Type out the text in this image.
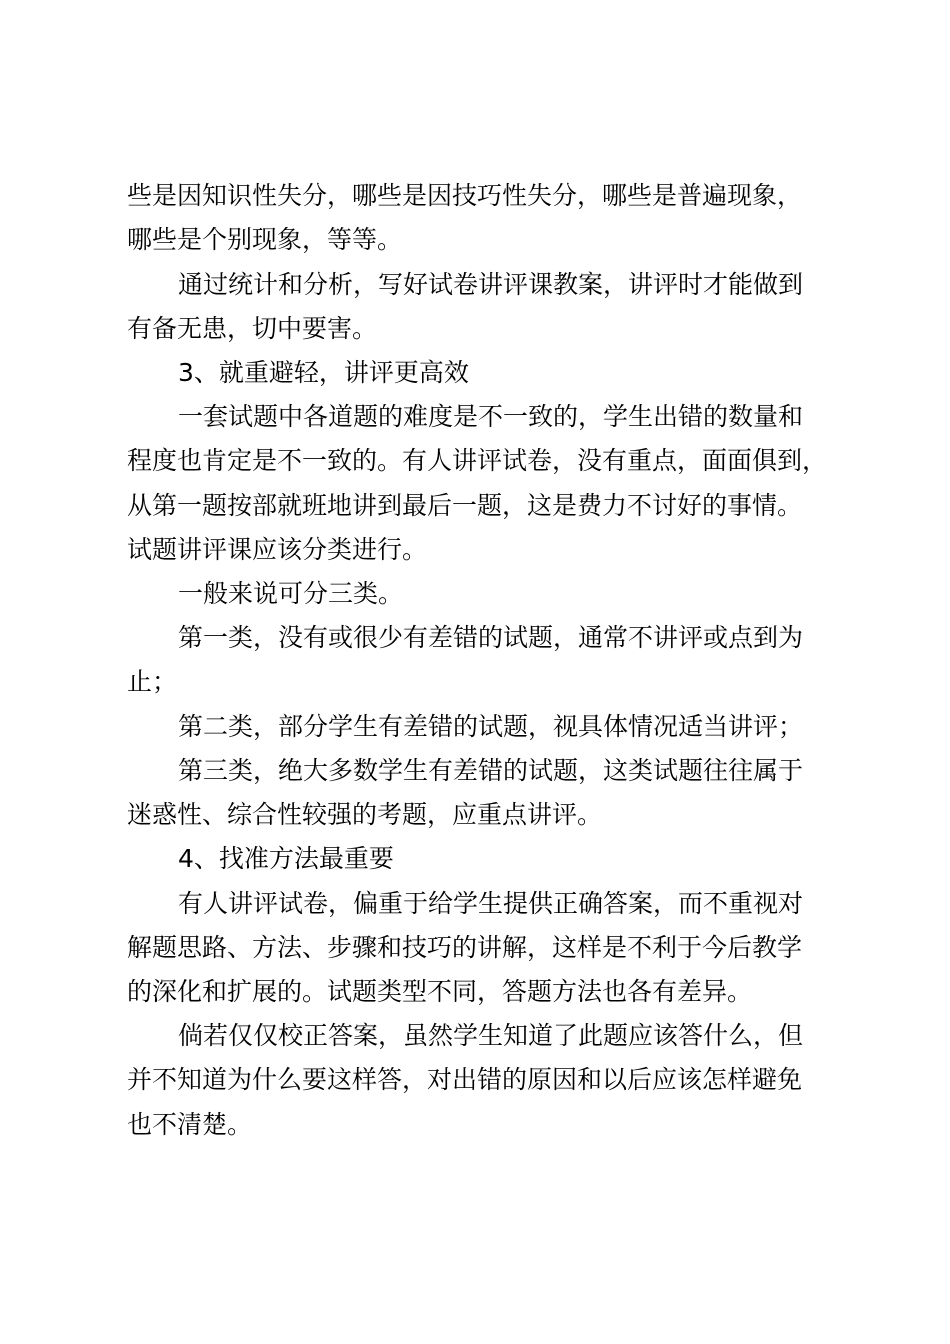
些是因知识性失分，哪些是因技巧性失分，哪些是普遍现象，
哪些是个别现象，等等。
通过统计和分析，写好试卷讲评课教案，讲评时才能做到
有备无患，切中要害。
3、就重避轻，讲评更高效
一套试题中各道题的难度是不一致的，学生出错的数量和
程度也肯定是不一致的。有人讲评试卷，没有重点，面面俱到，
从第一题按部就班地讲到最后一题，这是费力不讨好的事情。
试题讲评课应该分类进行。
一般来说可分三类。
第一类，没有或很少有差错的试题，通常不讲评或点到为
止；
第二类，部分学生有差错的试题，视具体情况适当讲评；
第三类，绝大多数学生有差错的试题，这类试题往往属于
迷惑性、综合性较强的考题，应重点讲评。
4、找准方法最重要
有人讲评试卷，偏重于给学生提供正确答案，而不重视对
解题思路、方法、步骤和技巧的讲解，这样是不利于今后教学
的深化和扩展的。试题类型不同，答题方法也各有差异。
倘若仅仅校正答案，虽然学生知道了此题应该答什么，但
并不知道为什么要这样答，对出错的原因和以后应该怎样避免
也不清楚。
